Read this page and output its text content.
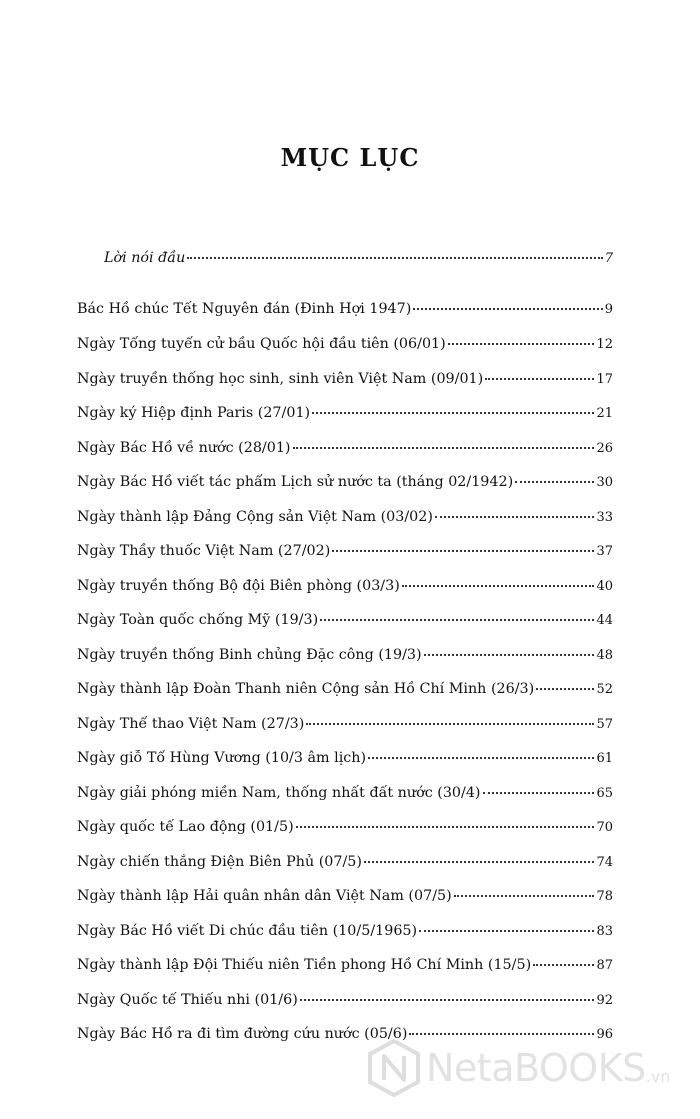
MỤC LỤC
Lời nói đầu	7
Bác Hồ chúc Tết Nguyên đán (Đinh Hợi 1947)	9
Ngày Tổng tuyển cử bầu Quốc hội đầu tiên (06/01)	12
Ngày truyền thống học sinh, sinh viên Việt Nam (09/01)	17
Ngày ký Hiệp định Paris (27/01)	21
Ngày Bác Hồ về nước (28/01)	26
Ngày Bác Hồ viết tác phẩm Lịch sử nước ta (tháng 02/1942)	30
Ngày thành lập Đảng Cộng sản Việt Nam (03/02)	33
Ngày Thầy thuốc Việt Nam (27/02)	37
Ngày truyền thống Bộ đội Biên phòng (03/3)	40
Ngày Toàn quốc chống Mỹ (19/3)	44
Ngày truyền thống Binh chủng Đặc công (19/3)	48
Ngày thành lập Đoàn Thanh niên Cộng sản Hồ Chí Minh (26/3)	52
Ngày Thể thao Việt Nam (27/3)	57
Ngày giỗ Tổ Hùng Vương (10/3 âm lịch)	61
Ngày giải phóng miền Nam, thống nhất đất nước (30/4)	65
Ngày quốc tế Lao động (01/5)	70
Ngày chiến thắng Điện Biên Phủ (07/5)	74
Ngày thành lập Hải quân nhân dân Việt Nam (07/5)	78
Ngày Bác Hồ viết Di chúc đầu tiên (10/5/1965)	83
Ngày thành lập Đội Thiếu niên Tiền phong Hồ Chí Minh (15/5)	87
Ngày Quốc tế Thiếu nhi (01/6)	92
Ngày Bác Hồ ra đi tìm đường cứu nước (05/6)	96
NetaBOOKS .vn
